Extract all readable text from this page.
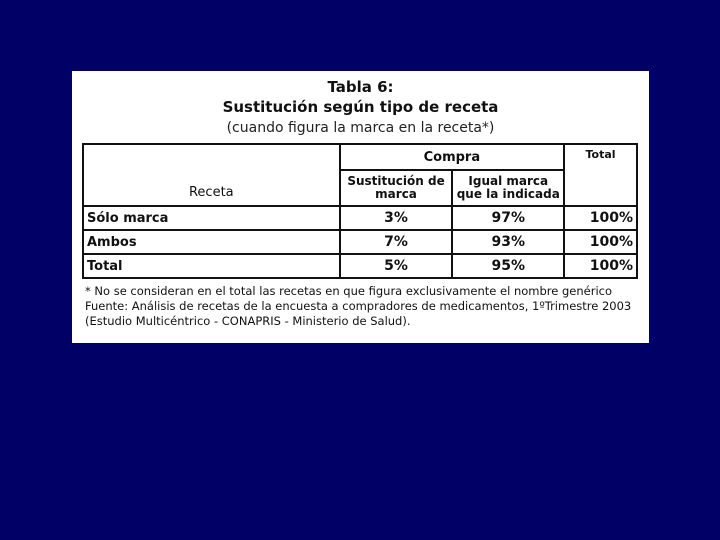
Tabla 6:
Sustitución según tipo de receta
(cuando figura la marca en la receta*)
Receta	Compra		Total
	Sustitución de marca	Igual marca que la indicada	
Sólo marca	3%	97%	100%
Ambos	7%	93%	100%
Total	5%	95%	100%
* No se consideran en el total las recetas en que figura exclusivamente el nombre genérico
Fuente: Análisis de recetas de la encuesta a compradores de medicamentos, 1ºTrimestre 2003
(Estudio Multicéntrico - CONAPRIS - Ministerio de Salud).
